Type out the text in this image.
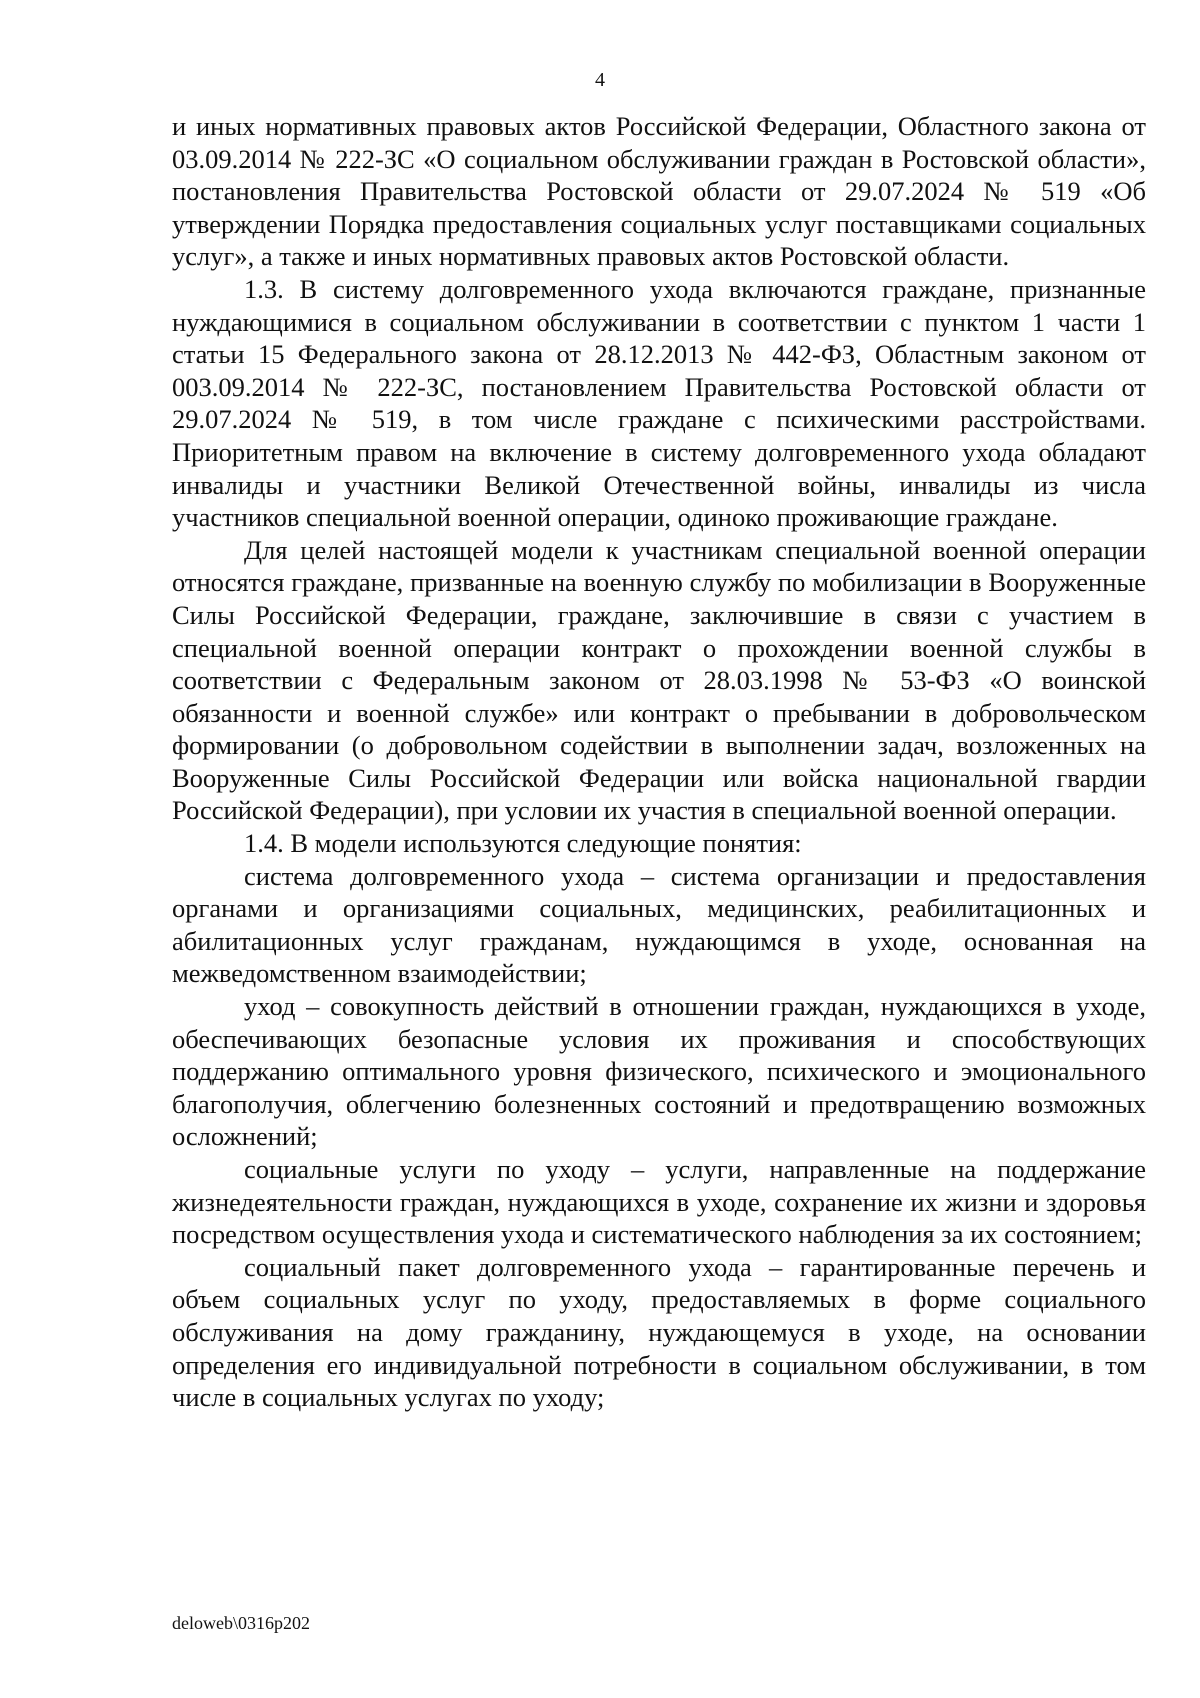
4

и иных нормативных правовых актов Российской Федерации, Областного закона от 03.09.2014 № 222-ЗС «О социальном обслуживании граждан в Ростовской области», постановления Правительства Ростовской области от 29.07.2024 № 519 «Об утверждении Порядка предоставления социальных услуг поставщиками социальных услуг», а также и иных нормативных правовых актов Ростовской области.

1.3. В систему долговременного ухода включаются граждане, признанные нуждающимися в социальном обслуживании в соответствии с пунктом 1 части 1 статьи 15 Федерального закона от 28.12.2013 № 442-ФЗ, Областным законом от 003.09.2014 № 222-ЗС, постановлением Правительства Ростовской области от 29.07.2024 № 519, в том числе граждане с психическими расстройствами. Приоритетным правом на включение в систему долговременного ухода обладают инвалиды и участники Великой Отечественной войны, инвалиды из числа участников специальной военной операции, одиноко проживающие граждане.

Для целей настоящей модели к участникам специальной военной операции относятся граждане, призванные на военную службу по мобилизации в Вооруженные Силы Российской Федерации, граждане, заключившие в связи с участием в специальной военной операции контракт о прохождении военной службы в соответствии с Федеральным законом от 28.03.1998 № 53-ФЗ «О воинской обязанности и военной службе» или контракт о пребывании в добровольческом формировании (о добровольном содействии в выполнении задач, возложенных на Вооруженные Силы Российской Федерации или войска национальной гвардии Российской Федерации), при условии их участия в специальной военной операции.

1.4. В модели используются следующие понятия:

система долговременного ухода – система организации и предоставления органами и организациями социальных, медицинских, реабилитационных и абилитационных услуг гражданам, нуждающимся в уходе, основанная на межведомственном взаимодействии;

уход – совокупность действий в отношении граждан, нуждающихся в уходе, обеспечивающих безопасные условия их проживания и способствующих поддержанию оптимального уровня физического, психического и эмоционального благополучия, облегчению болезненных состояний и предотвращению возможных осложнений;

социальные услуги по уходу – услуги, направленные на поддержание жизнедеятельности граждан, нуждающихся в уходе, сохранение их жизни и здоровья посредством осуществления ухода и систематического наблюдения за их состоянием;

социальный пакет долговременного ухода – гарантированные перечень и объем социальных услуг по уходу, предоставляемых в форме социального обслуживания на дому гражданину, нуждающемуся в уходе, на основании определения его индивидуальной потребности в социальном обслуживании, в том числе в социальных услугах по уходу;

deloweb\0316p202
